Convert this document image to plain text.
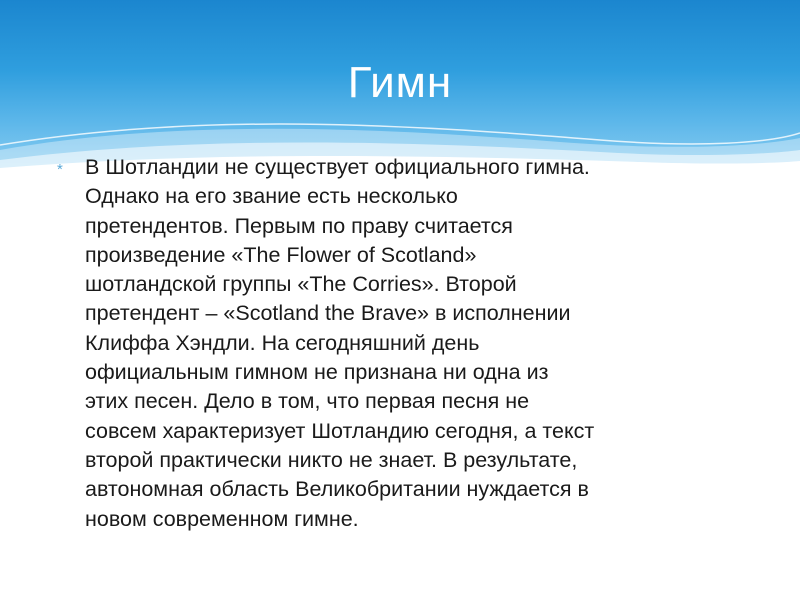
Гимн
* В Шотландии не существует официального гимна.
Однако на его звание есть несколько
претендентов. Первым по праву считается
произведение «The Flower of Scotland»
шотландской группы «The Corries». Второй
претендент – «Scotland the Brave» в исполнении
Клиффа Хэндли. На сегодняшний день
официальным гимном не признана ни одна из
этих песен. Дело в том, что первая песня не
совсем характеризует Шотландию сегодня, а текст
второй практически никто не знает. В результате,
автономная область Великобритании нуждается в
новом современном гимне.
